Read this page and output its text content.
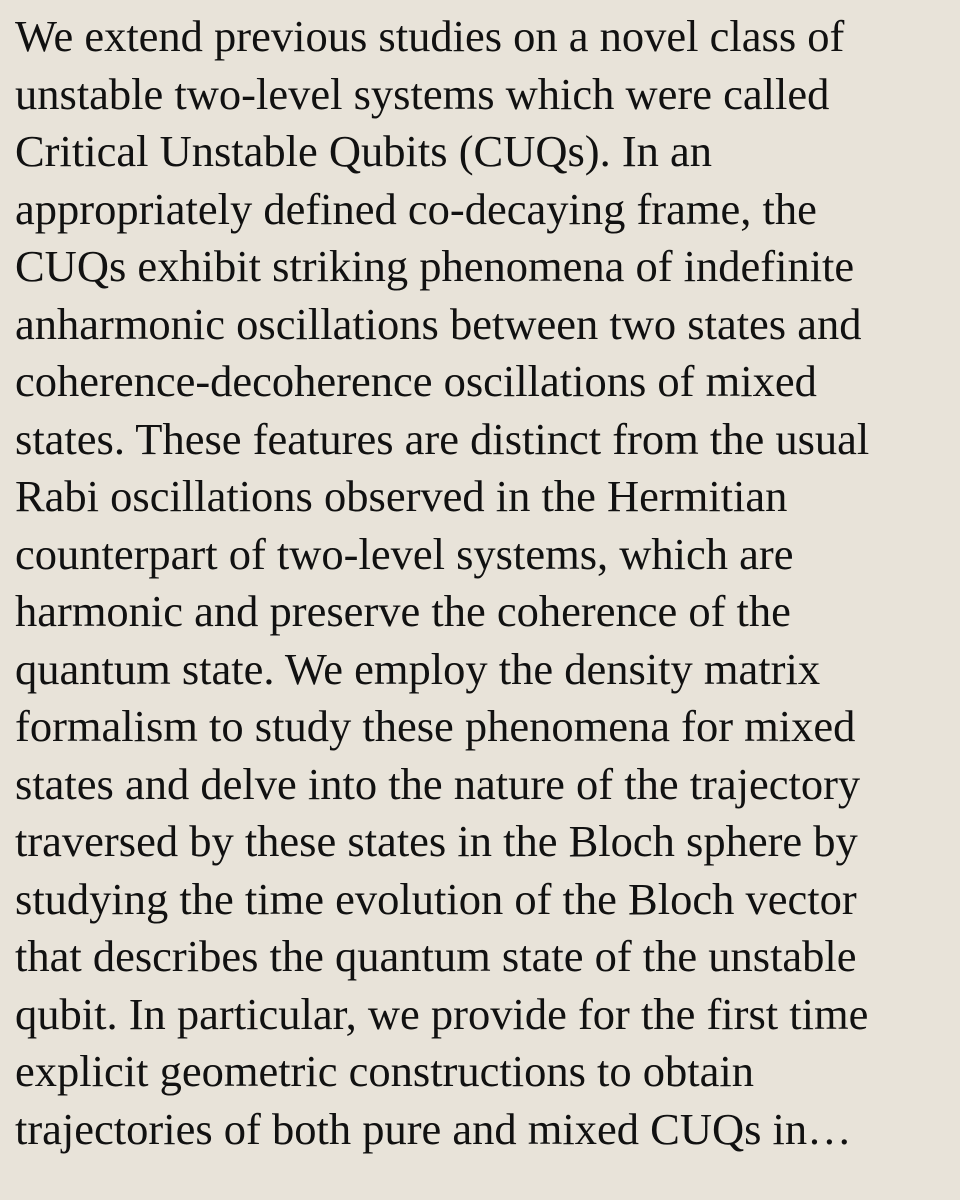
We extend previous studies on a novel class of
unstable two-level systems which were called
Critical Unstable Qubits (CUQs). In an
appropriately defined co-decaying frame, the
CUQs exhibit striking phenomena of indefinite
anharmonic oscillations between two states and
coherence-decoherence oscillations of mixed
states. These features are distinct from the usual
Rabi oscillations observed in the Hermitian
counterpart of two-level systems, which are
harmonic and preserve the coherence of the
quantum state. We employ the density matrix
formalism to study these phenomena for mixed
states and delve into the nature of the trajectory
traversed by these states in the Bloch sphere by
studying the time evolution of the Bloch vector
that describes the quantum state of the unstable
qubit. In particular, we provide for the first time
explicit geometric constructions to obtain
trajectories of both pure and mixed CUQs in…
